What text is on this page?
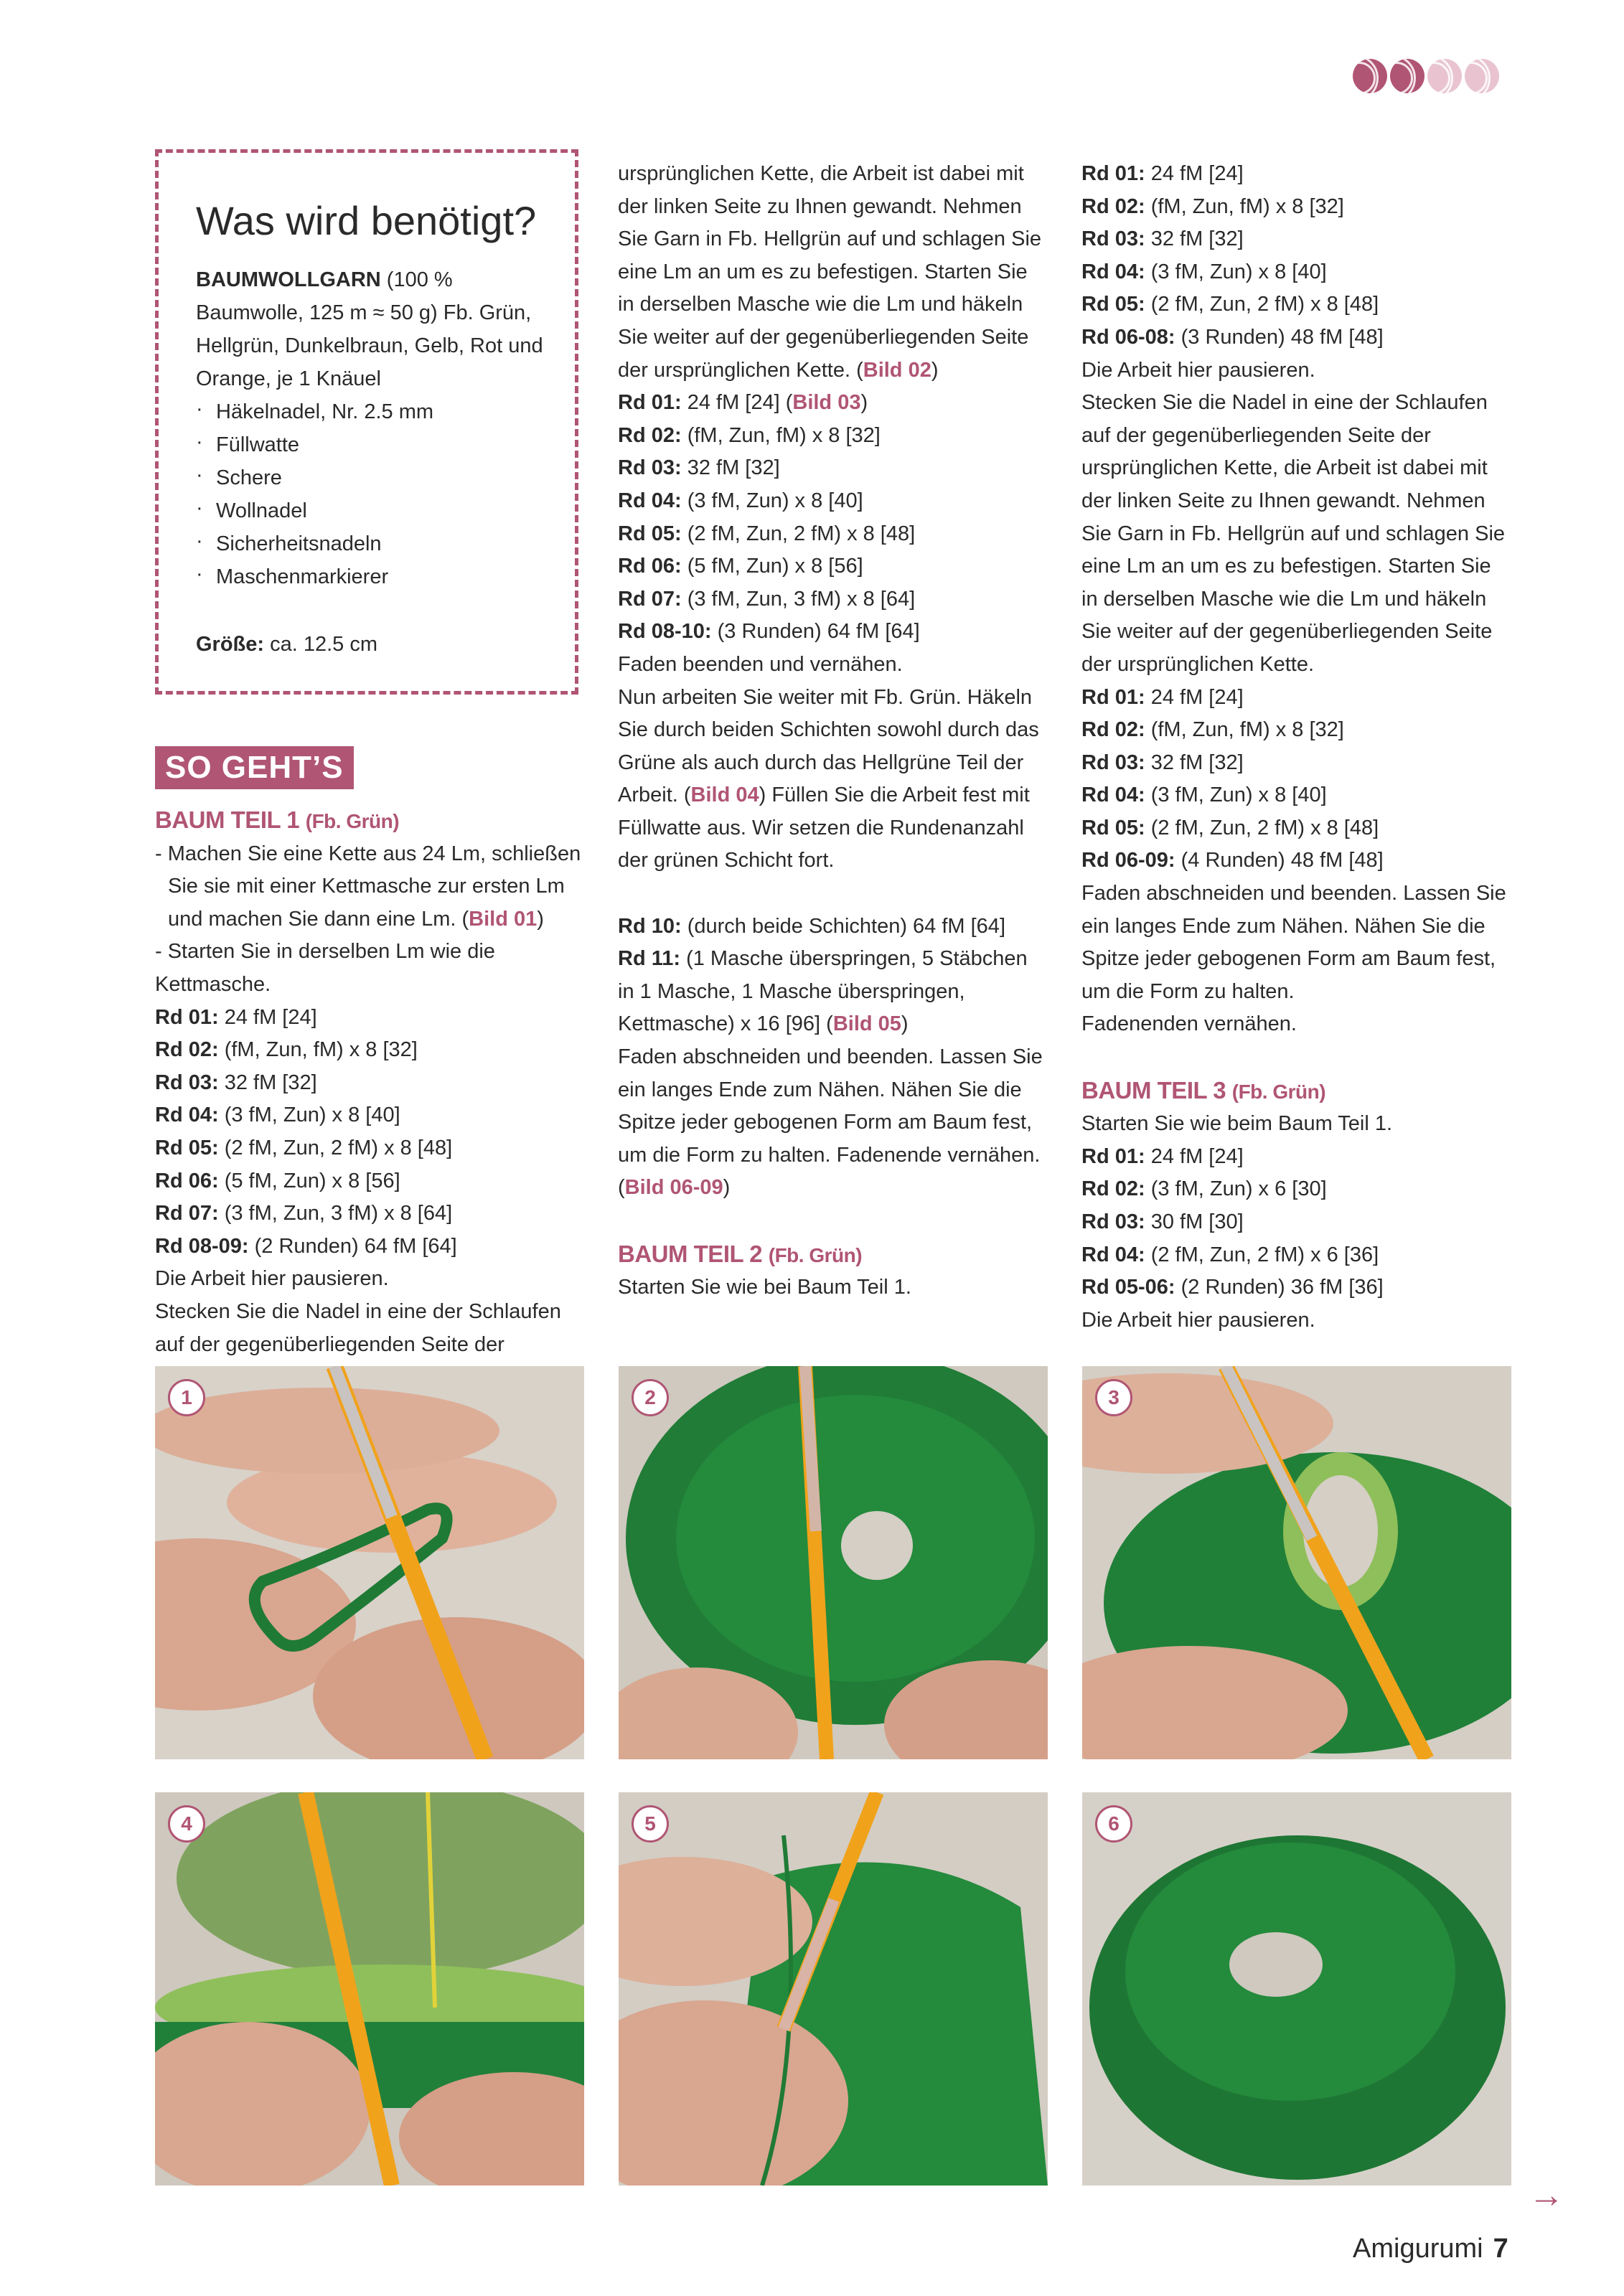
Was wird benötigt?

BAUMWOLLGARN (100 % Baumwolle, 125 m ≈ 50 g) Fb. Grün, Hellgrün, Dunkelbraun, Gelb, Rot und Orange, je 1 Knäuel

· Häkelnadel, Nr. 2.5 mm
· Füllwatte
· Schere
· Wollnadel
· Sicherheitsnadeln
· Maschenmarkierer

Größe: ca. 12.5 cm

SO GEHT’S

BAUM TEIL 1 (Fb. Grün)

- Machen Sie eine Kette aus 24 Lm, schließen Sie sie mit einer Kettmasche zur ersten Lm und machen Sie dann eine Lm. (Bild 01)

- Starten Sie in derselben Lm wie die Kettmasche.

Rd 01: 24 fM [24]

Rd 02: (fM, Zun, fM) x 8 [32]

Rd 03: 32 fM [32]

Rd 04: (3 fM, Zun) x 8 [40]

Rd 05: (2 fM, Zun, 2 fM) x 8 [48]

Rd 06: (5 fM, Zun) x 8 [56]

Rd 07: (3 fM, Zun, 3 fM) x 8 [64]

Rd 08-09: (2 Runden) 64 fM [64]

Die Arbeit hier pausieren.

Stecken Sie die Nadel in eine der Schlaufen auf der gegenüberliegenden Seite der

ursprünglichen Kette, die Arbeit ist dabei mit der linken Seite zu Ihnen gewandt. Nehmen Sie Garn in Fb. Hellgrün auf und schlagen Sie eine Lm an um es zu befestigen. Starten Sie in derselben Masche wie die Lm und häkeln Sie weiter auf der gegenüberliegenden Seite der ursprünglichen Kette. (Bild 02)

Rd 01: 24 fM [24] (Bild 03)

Rd 02: (fM, Zun, fM) x 8 [32]

Rd 03: 32 fM [32]

Rd 04: (3 fM, Zun) x 8 [40]

Rd 05: (2 fM, Zun, 2 fM) x 8 [48]

Rd 06: (5 fM, Zun) x 8 [56]

Rd 07: (3 fM, Zun, 3 fM) x 8 [64]

Rd 08-10: (3 Runden) 64 fM [64]

Faden beenden und vernähen.

Nun arbeiten Sie weiter mit Fb. Grün. Häkeln Sie durch beiden Schichten sowohl durch das Grüne als auch durch das Hellgrüne Teil der Arbeit. (Bild 04) Füllen Sie die Arbeit fest mit Füllwatte aus. Wir setzen die Rundenanzahl der grünen Schicht fort.

Rd 10: (durch beide Schichten) 64 fM [64]

Rd 11: (1 Masche überspringen, 5 Stäbchen in 1 Masche, 1 Masche überspringen, Kettmasche) x 16 [96] (Bild 05)

Faden abschneiden und beenden. Lassen Sie ein langes Ende zum Nähen. Nähen Sie die Spitze jeder gebogenen Form am Baum fest, um die Form zu halten. Fadenende vernähen. (Bild 06-09)

BAUM TEIL 2 (Fb. Grün)

Starten Sie wie bei Baum Teil 1.

Rd 01: 24 fM [24]

Rd 02: (fM, Zun, fM) x 8 [32]

Rd 03: 32 fM [32]

Rd 04: (3 fM, Zun) x 8 [40]

Rd 05: (2 fM, Zun, 2 fM) x 8 [48]

Rd 06-08: (3 Runden) 48 fM [48]

Die Arbeit hier pausieren.

Stecken Sie die Nadel in eine der Schlaufen auf der gegenüberliegenden Seite der ursprünglichen Kette, die Arbeit ist dabei mit der linken Seite zu Ihnen gewandt. Nehmen Sie Garn in Fb. Hellgrün auf und schlagen Sie eine Lm an um es zu befestigen. Starten Sie in derselben Masche wie die Lm und häkeln Sie weiter auf der gegenüberliegenden Seite der ursprünglichen Kette.

Rd 01: 24 fM [24]

Rd 02: (fM, Zun, fM) x 8 [32]

Rd 03: 32 fM [32]

Rd 04: (3 fM, Zun) x 8 [40]

Rd 05: (2 fM, Zun, 2 fM) x 8 [48]

Rd 06-09: (4 Runden) 48 fM [48]

Faden abschneiden und beenden. Lassen Sie ein langes Ende zum Nähen. Nähen Sie die Spitze jeder gebogenen Form am Baum fest, um die Form zu halten.

Fadenenden vernähen.

BAUM TEIL 3 (Fb. Grün)

Starten Sie wie beim Baum Teil 1.

Rd 01: 24 fM [24]

Rd 02: (3 fM, Zun) x 6 [30]

Rd 03: 30 fM [30]

Rd 04: (2 fM, Zun, 2 fM) x 6 [36]

Rd 05-06: (2 Runden) 36 fM [36]

Die Arbeit hier pausieren.

1	2	3
4	5	6
→
Amigurumi 7
